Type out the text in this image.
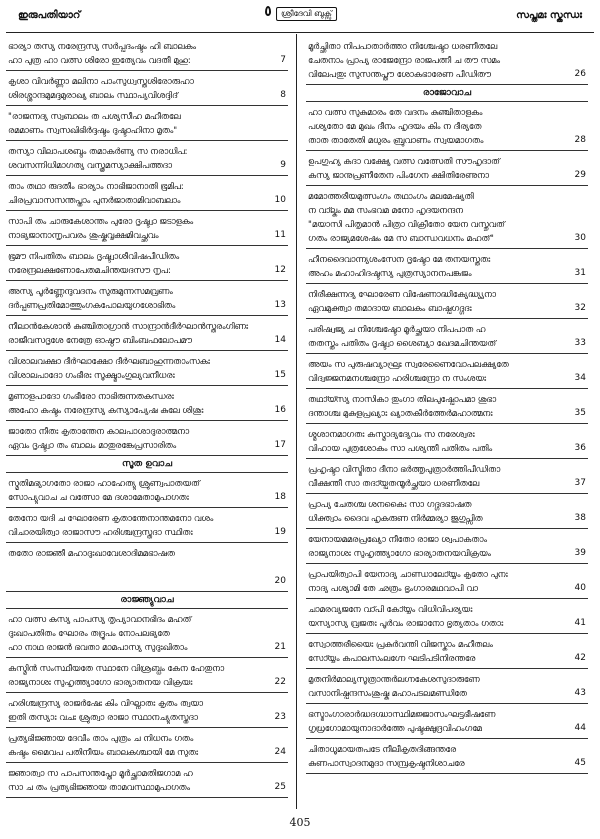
ഇരുപതിയാറ്	ശ്രീദേവി ബുക്സ്	സപ്തമഃ സ്കന്ധഃ
ഭാര്യാ തസ്യ നരേന്ദ്രസ്യ സർപ്പദംഷ്ടം ഹി ബാലകം
ഹാ പുത്ര ഹാ വത്സ ശിരോ ഇത്യേവം വദതീ മുഹു:	7
കൃശാ വിവർണ്ണാ മലിനാ പാംസുധ്വസ്തശിരോരുഹാ
ശിരശ്ശാന്ദമുമദ്ദമുരാഖ്യ ബാലം സ്ഥാപ്യവിശദ്ദിദ്	8
"രാജന്നദ്യ സ്വബാലം ത പശ്യസീഹ മഹീതലേ
രമമാണം സ്വസഖിഭിർദ്ദഷ്ടം ദുഷ്ടാഹിനാ മൃതം"
തസ്യാ വിലാപശബ്ദം തമാകർണ്യ സ നരാധിപ:
ശവസന്നിധിമാഗത്യ വസ്ത്രമസ്യാക്ഷിപത്തദാ	9
താം തഥാ രുദതീം ഭാര്യാം നാഭിജാനാതി ഭൂമിപ:
ചിരപ്രവാസസന്തപ്താം പുനർജാതാമിവാബലാം	10
സാപി തം ചാരുകേശാന്തം പുരോ ദൃഷ്ട്വാ ജടാളകം
നാഭ്യജാനാന്നൃപവരം ശുഷ്കവൃക്ഷമിവച്ഛവം	11
ഭൂമൗ നിപതിതം ബാലം ദൃഷ്ട്വാശീവിഷപീഡിതം
നരേന്ദ്രലക്ഷണോപേതമചിന്തയദസൗ നൃപ:	12
അസ്യ പൂർണ്ണേന്ദുവദനം സുരുമുന്നസമവ്രണം
ദർപ്പണപ്രതിമോത്തുംഗകപോലയുഗശോഭിതം	13
നീലാൻകേശാൻ കുഞ്ചിതാഗ്രാൻ സാന്ദ്രാൻദീർഘാൻസ്തരംഗിണഃ
രാജീവസദൃശേ നേത്രേ ഓഷ്ഠൗ ബിംബഫലോപമൗ	14
വിശാലവക്ഷാ ദീർഘാക്ഷോ ദീർഘബാഹുന്നതാംസകഃ
വിശാലപാദോ ഗംഭീരഃ സൂക്ഷ്മാംഗുല്യവനീധരഃ	15
മൃണാളപാദോ ഗംഭീരോ നാഭിരുന്നതകന്ധരഃ
അഹോ കഷ്ടം നരേന്ദ്രസ്യ കസ്യാപ്യേഷ കുലേ ശിശുഃ	16
ജാതോ നീതഃ കൃതാന്തേന കാലപാശാദുരാത്മനാ
ഏവം ദൃഷ്ട്വാ തം ബാലം മാതുരങ്കേപ്രസാരിതം	17
സൂത ഉവാച
സ്മൃതിമഭ്യാഗതോ രാജാ ഹാഹേത്യു ശ്രുണ്വപാതയത്
സോപ്യുവാച ച വത്സോ മേ ദശാമേതാമുപാഗതഃ	18
തേനോ യദി ച ഘോരേണ കൃതാന്തേനാന്തമനോ വശം
വിചാരയിത്വാ രാജാസൗ ഹരിശ്ചന്ദ്രസ്തദാ സ്ഥിതഃ	19
തതോ രാജ്ഞീ മഹാദുഃഖാവേശാദിമമഭാഷത

20
രാജ്ഞ്യുവാച
ഹാ വത്സ കസ്യ പാപസ്യ തൃപ്യാവാനഭിദം മഹത്
ദുഃഖാപതിതം ഘോരം തദ്രൂപം നോപലഭ്യതേ
ഹാ നാഥ രാജൻ ഭവതാ മാമപാസ്യ സുദുഃഖിതാം	21
കസ്മിൻ സംസ്ഥീയതേ സ്ഥാനേ വിശ്രബ്ധം കേന ഹേതുനാ
രാജ്യനാശഃ സുഹൃത്ത്യാഗോ ഭാര്യാതനയ വിക്രയഃ	22
ഹരിശ്ചന്ദ്രസ്യ രാജർഷേഃ കിം വിഘ്നാതഃ കൃതം ത്വയാ
ഇതി തസ്യാഃ വചഃ ശ്രുത്വാ രാജാ സ്ഥാനച്യുതസ്തദാ	23
പ്രത്യഭിജ്ഞായ ദേവീം താം പുത്രം ച നിധനം ഗതം
കഷ്ടം മൈവപ പതിനീയം ബാലകശ്ചായി മേ സുതഃ	24
ജ്ഞാത്വാ സ പാപസന്തപ്തോ മൂർച്ഛാമതിജഗാമ ഹ
സാ ച തം പ്രത്യഭിജ്ഞായ താമവസ്ഥാമുപാഗതം	25
മൂർച്ഛിതാ നിപപാതാർത്താ നിശ്ചേഷ്ടാ ധരണീതലേ
ചേതനാം പ്രാപ്യ രാജേന്ദ്രോ രാജപത്നീ ച തൗ സമം
വിലേപതുഃ സുസന്തപ്തൗ ശോകഭാരേണ പീഡിതൗ	26
രാജോവാച
ഹാ വത്സ സുകുമാരം തേ വദനം കുഞ്ചിതാളകം
പശ്യതോ മേ മുഖം ദീനം ഹൃദയം കിം ന ദീര്യതേ
താത താതേതി മധുരം ബ്രുവാണം സ്വയമാഗതം	28
ഉപഗുഹ്യ കദാ വക്ഷ്യേ വത്സ വത്സേതി സൗഹൃദാത്
കസ്യ ജാനുപ്രണീതേന പിംഗേന ക്ഷിതിരേണുനാ	29
മമോത്തരീയമുത്സംഗം തഥാംഗം മലമേഷ്യതി
ന വാ്ല്കം മമ സംഭവമ മനോ ഹൃദയനന്ദന
"മയാസി പിതൃമാൻ പിത്രാ വിക്രീതോ യേന വസ്തുവത്
ഗതം രാജ്യമശേഷം മേ സ ബാന്ധവധനം മഹത്"	30
ഹീനദൈവാന്ന്യശംസേന ദൃഷ്ടോ മേ തനയസ്തതഃ
അഹം മഹാഹിദഷ്ടസ്യ പുത്രസ്യാനനപങ്കജം	31
നിരീക്ഷന്നദ്യ ഘോരേണ വിഷേണാദ്ധിക്യേദ്ധ്യ്യനാ
ഏവമുക്ത്വാ തമാദായ ബാലകം ബാഷ്പഗദ്ഗദഃ	32
പരിഷ്വജ്യ ച നിശ്ചേഷ്ടോ മൂർച്ഛയാ നിപപാത ഹ
തതസ്തം പതിതം ദൃഷ്ട്വാ ശൈബ്യാ ഖേദമചിന്തയത്	33
അയം സ പുരുഷവ്യാഘ്രഃ സ്വരേണൈവോപലക്ഷ്യതേ
വിദ്വജ്ജനമനശ്ചന്ദ്രോ ഹരിശ്ചന്ദ്രോ ന സംശയഃ	34
തഥാ്യ്സ്യ നാസികാ തുംഗാ തിലപുഷ്പോപമാ ശുഭാ
ദന്താശ്ച മുകുളപ്രഖ്യാഃ ഖ്യാതകീർത്തേർമഹാത്മനഃ	35
ശ്മശാനമാഗതഃ കസ്മാദ്യദ്യേവം സ നരേശ്വരഃ
വിഹായ പുത്രശോകം സാ പശ്യന്തീ പതിതം പതിം	36
പ്രഹൃഷ്ടാ വിസ്മിതാ ദീനാ ഭർത്തൃപുത്രാർത്തിപീഡിതാ
വീക്ഷന്തീ സാ തദാ്യ്പതന്മൂർച്ഛയാ ധരണീതലേ	37
പ്രാപ്യ ചേതശ്ച ശനകൈഃ സാ ഗദ്ഗദഭാഷത
ധിക്ത്വാം ദൈവ ഹൃകരുണ നിർമ്മര്യാ ജുഗുപ്സിത	38
യേനായമമരപ്രഖ്യോ നീതോ രാജാ ശ്വപാകതാം
രാജ്യനാശഃ സുഹൃത്ത്യാഗോ ഭാര്യാതനയവിക്രയം	39
പ്രാപയിത്വാപി യേനാദ്യ ചാണ്ഡാലോ്യ്യം കൃതോ പുനഃ
നാദ്യ പശ്യാമി തേ ഛത്രം ഭൃംഗാരമഥവാപി വാ	40
ചാമരവ്യജനേ വാ്പി കോ്യ്യം വിധിവിപര്യയഃ
യസ്യാസ്യ വ്രജതഃ പൂർവം രാജാനോ ഭൃത്യതാം ഗതാഃ	41
സ്വോത്തരീയൈഃ പ്രകുർവന്തി വിജസ്കാം മഹീതലം
സോ്യ്യം കപാലസംലഗ്നേ ഘടിപടിനിരന്തരേ	42
മൃതനിർമാല്യസൂത്രാന്തർലഗ്നകേശസുദാരുണേ
വസാനിഷ്പന്ദസംശുഷ്ക മഹാപടലമണ്ഡിതേ	43
ഭസ്മാംഗാരാർദ്ധദഗ്ദ്ധാസ്ഥിമജ്ജാസംഘട്ടഭീഷണേ
ഗൃധ്രഗോമായുനാദാർത്തേ പുഷ്ടക്ഷുദ്രവിഹംഗമേ	44
ചിതാധൂമായതപടേ നീലീകൃതദിങ്ങന്തരേ
കുണപാസ്വാദനമുദാ സമ്പ്രകൃഷ്ടനിശാചരേ	45
405
